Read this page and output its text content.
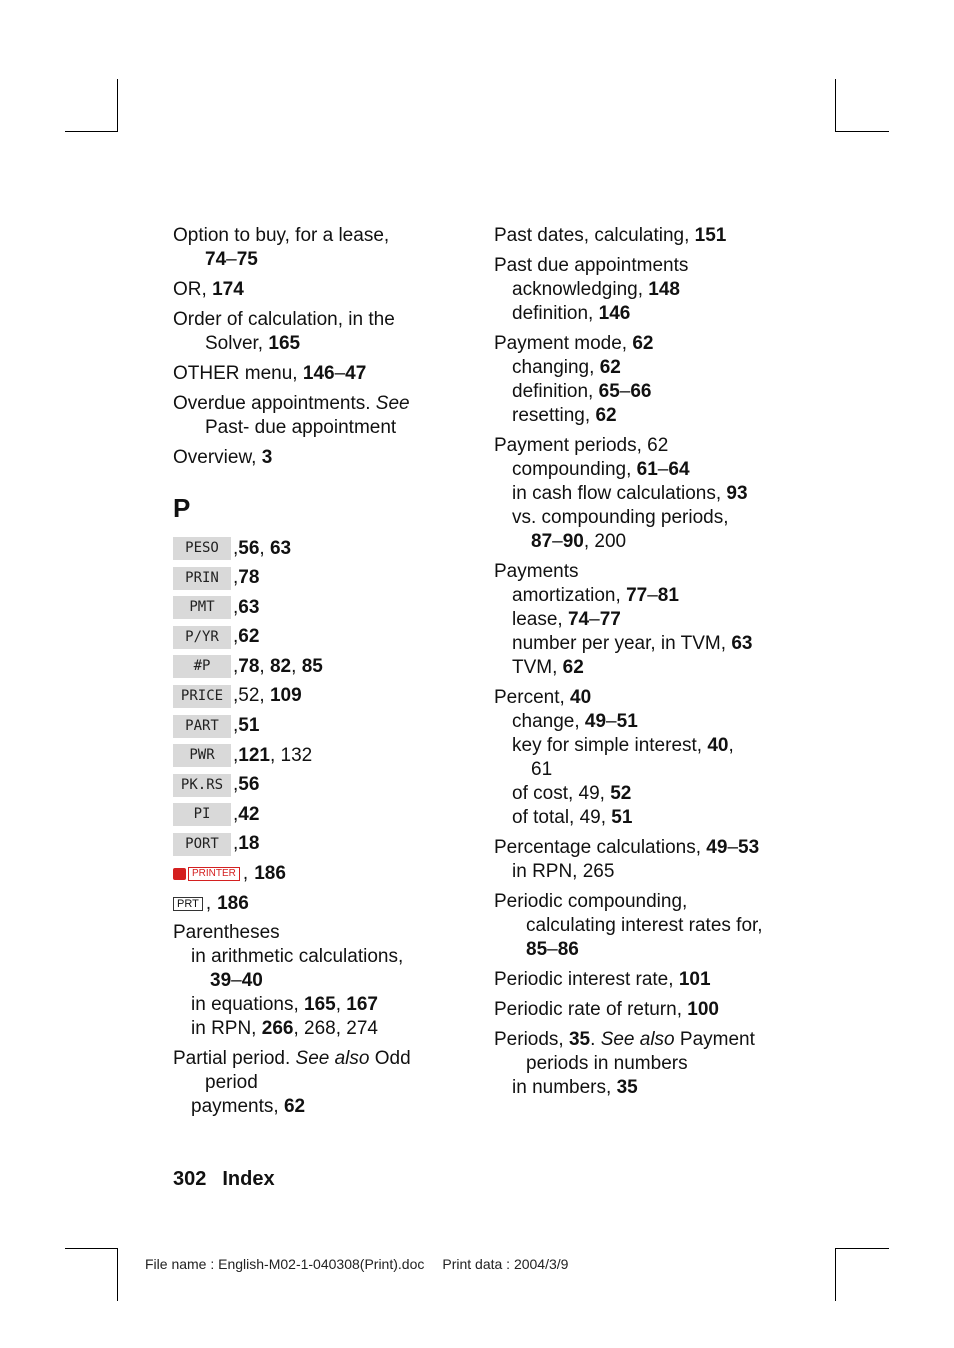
Option to buy, for a lease,
74–75
OR, 174
Order of calculation, in the
Solver, 165
OTHER menu, 146–47
Overdue appointments. See
Past- due appointment
Overview, 3
P
PESO , 56 , 63
PRIN , 78
PMT , 63
P/YR , 62
#P	, 78 , 82 , 85
PRICE , 52,
109
PART , 51
PWR , 121 , 132
PK.RS , 56
PI	, 42
PORT , 18
PRINTER , 186
PRT , 186
Parentheses
in arithmetic calculations,
39–40
in equations, 165, 167
in RPN, 266, 268, 274
Partial period. See also Odd
period
payments, 62
Past dates, calculating, 151
Past due appointments
acknowledging, 148
definition, 146
Payment mode, 62
changing, 62
definition, 65–66
resetting, 62
Payment periods, 62
compounding, 61–64
in cash flow calculations, 93
vs. compounding periods,
87–90, 200
Payments
amortization, 77–81
lease, 74–77
number per year, in TVM, 63
TVM, 62
Percent, 40
change, 49–51
key for simple interest, 40,
61
of cost, 49, 52
of total, 49, 51
Percentage calculations, 49–53
in RPN, 265
Periodic compounding,
calculating interest rates for,
85–86
Periodic interest rate, 101
Periodic rate of return, 100
Periods, 35. See also Payment
periods in numbers
in numbers, 35
302 Index
File name : English-M02-1-040308(Print).doc Print data : 2004/3/9
